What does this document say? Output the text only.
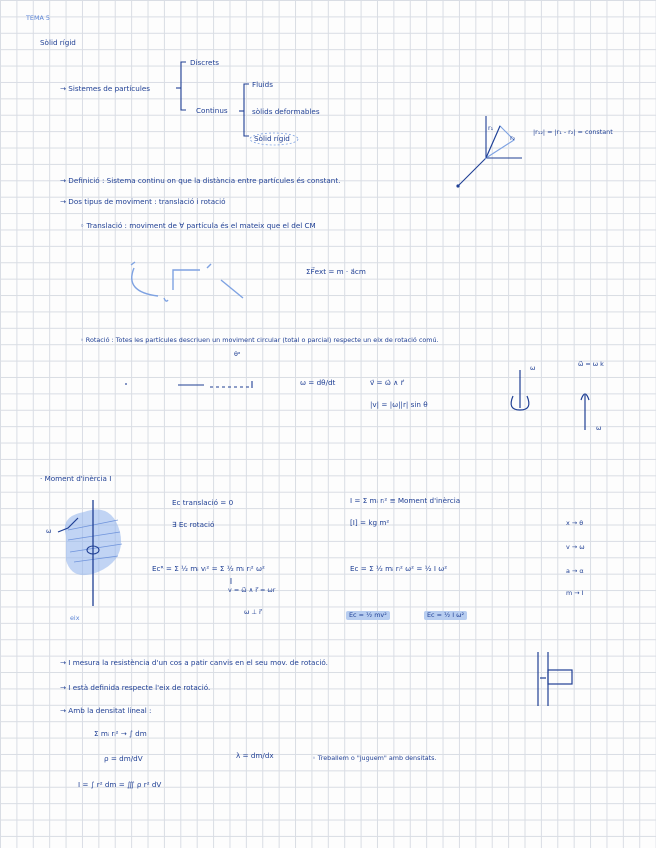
TEMA 5
Sòlid rígid
→ Sistemes de partícules
Discrets
Continus
Fluids
sòlids deformables
Sòlid rígid
r₁
r₂
|r₁₂| = |r₁ - r₂| = constant
→ Definició : Sistema continu on que la distància entre partícules és constant.
→ Dos tipus de moviment : translació i rotació
◦ Translació : moviment de ∀ partícula és el mateix que el del CM
ΣF⃗ext = m · a⃗cm
◦ Rotació : Totes les partícules descriuen un moviment circular (total o parcial) respecte un eix de rotació comú.
θᵃ
ω = dθ/dt	v⃗ = ω⃗ ∧ r⃗
|v| = |ω||r| sin θ
ω⃗ = ω k
ω
ω
· Moment d'inèrcia I
Ec translació = 0
∃ Ec rotació
I = Σ mᵢ rᵢ² ≡ Moment d'inèrcia
[I] = kg m²
Ecᴿ = Σ ½ mᵢ vᵢ² = Σ ½ mᵢ rᵢ² ω²
v = ω⃗ ∧ r⃗ = ωr
ω ⊥ r⃗
Ec = Σ ½ mᵢ rᵢ² ω² = ½ I ω²
Ec = ½ mv²	Ec = ½ I ω²
ω
eix
x → θ
v → ω
a → α
m → I
→ I mesura la resistència d'un cos a patir canvis en el seu mov. de rotació.
→ I està definida respecte l'eix de rotació.
→ Amb la densitat lineal :
Σ mᵢ rᵢ² → ∫ dm
ρ = dm/dV	λ = dm/dx	◦ Treballem o "juguem" amb densitats.
I = ∫ r² dm = ∭ ρ r² dV
